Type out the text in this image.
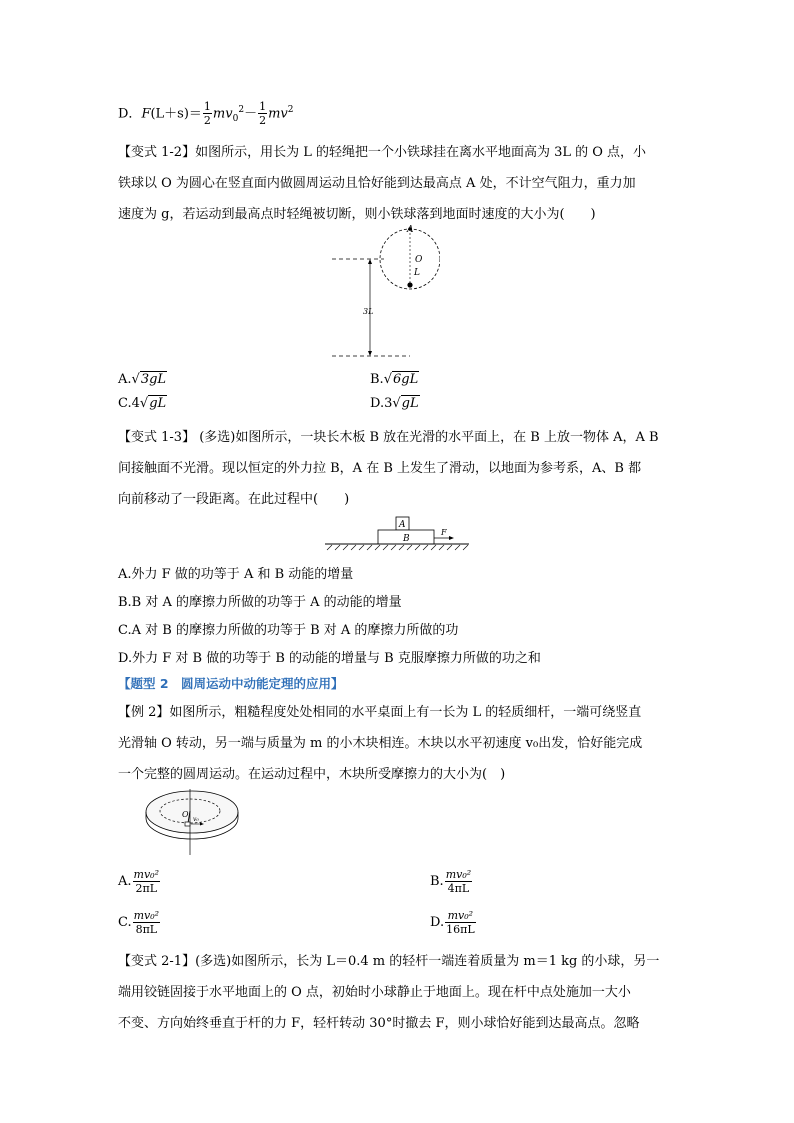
D．$F(L+s)= \frac{1}{2} mv_0^2- \frac{1}{2} mv^2$
【变式 1-2】如图所示，用长为 L 的轻绳把一个小铁球挂在离水平地面高为 3L 的 O 点，小
铁球以 O 为圆心在竖直面内做圆周运动且恰好能到达最高点 A 处，不计空气阻力，重力加
速度为 g，若运动到最高点时轻绳被切断，则小铁球落到地面时速度的大小为(　　)
A
O
L
3L
A.√3gL	B.√6gL
C.4√gL	D.3√gL
【变式 1-3】 (多选)如图所示，一块长木板 B 放在光滑的水平面上，在 B 上放一物体 A，A B
间接触面不光滑。现以恒定的外力拉 B，A 在 B 上发生了滑动，以地面为参考系，A、B 都
向前移动了一段距离。在此过程中(　　)
A
B
F
A.外力 F 做的功等于 A 和 B 动能的增量
B.B 对 A 的摩擦力所做的功等于 A 的动能的增量
C.A 对 B 的摩擦力所做的功等于 B 对 A 的摩擦力所做的功
D.外力 F 对 B 做的功等于 B 的动能的增量与 B 克服摩擦力所做的功之和
【题型 2　圆周运动中动能定理的应用】
【例 2】如图所示，粗糙程度处处相同的水平桌面上有一长为 L 的轻质细杆，一端可绕竖直
光滑轴 O 转动，另一端与质量为 m 的小木块相连。木块以水平初速度 v₀出发，恰好能完成
一个完整的圆周运动。在运动过程中，木块所受摩擦力的大小为(　)
O
v₀
A. $\frac{\text{mv₀²}}{2\pi L}$	B. $\frac{\text{mv₀²}}{4\pi L}$
C. $\frac{\text{mv₀²}}{8\pi L}$	D. $\frac{\text{mv₀²}}{16\pi L}$
【变式 2-1】(多选)如图所示，长为 L＝0.4 m 的轻杆一端连着质量为 m＝1 kg 的小球，另一
端用铰链固接于水平地面上的 O 点，初始时小球静止于地面上。现在杆中点处施加一大小
不变、方向始终垂直于杆的力 F，轻杆转动 30°时撤去 F，则小球恰好能到达最高点。忽略
